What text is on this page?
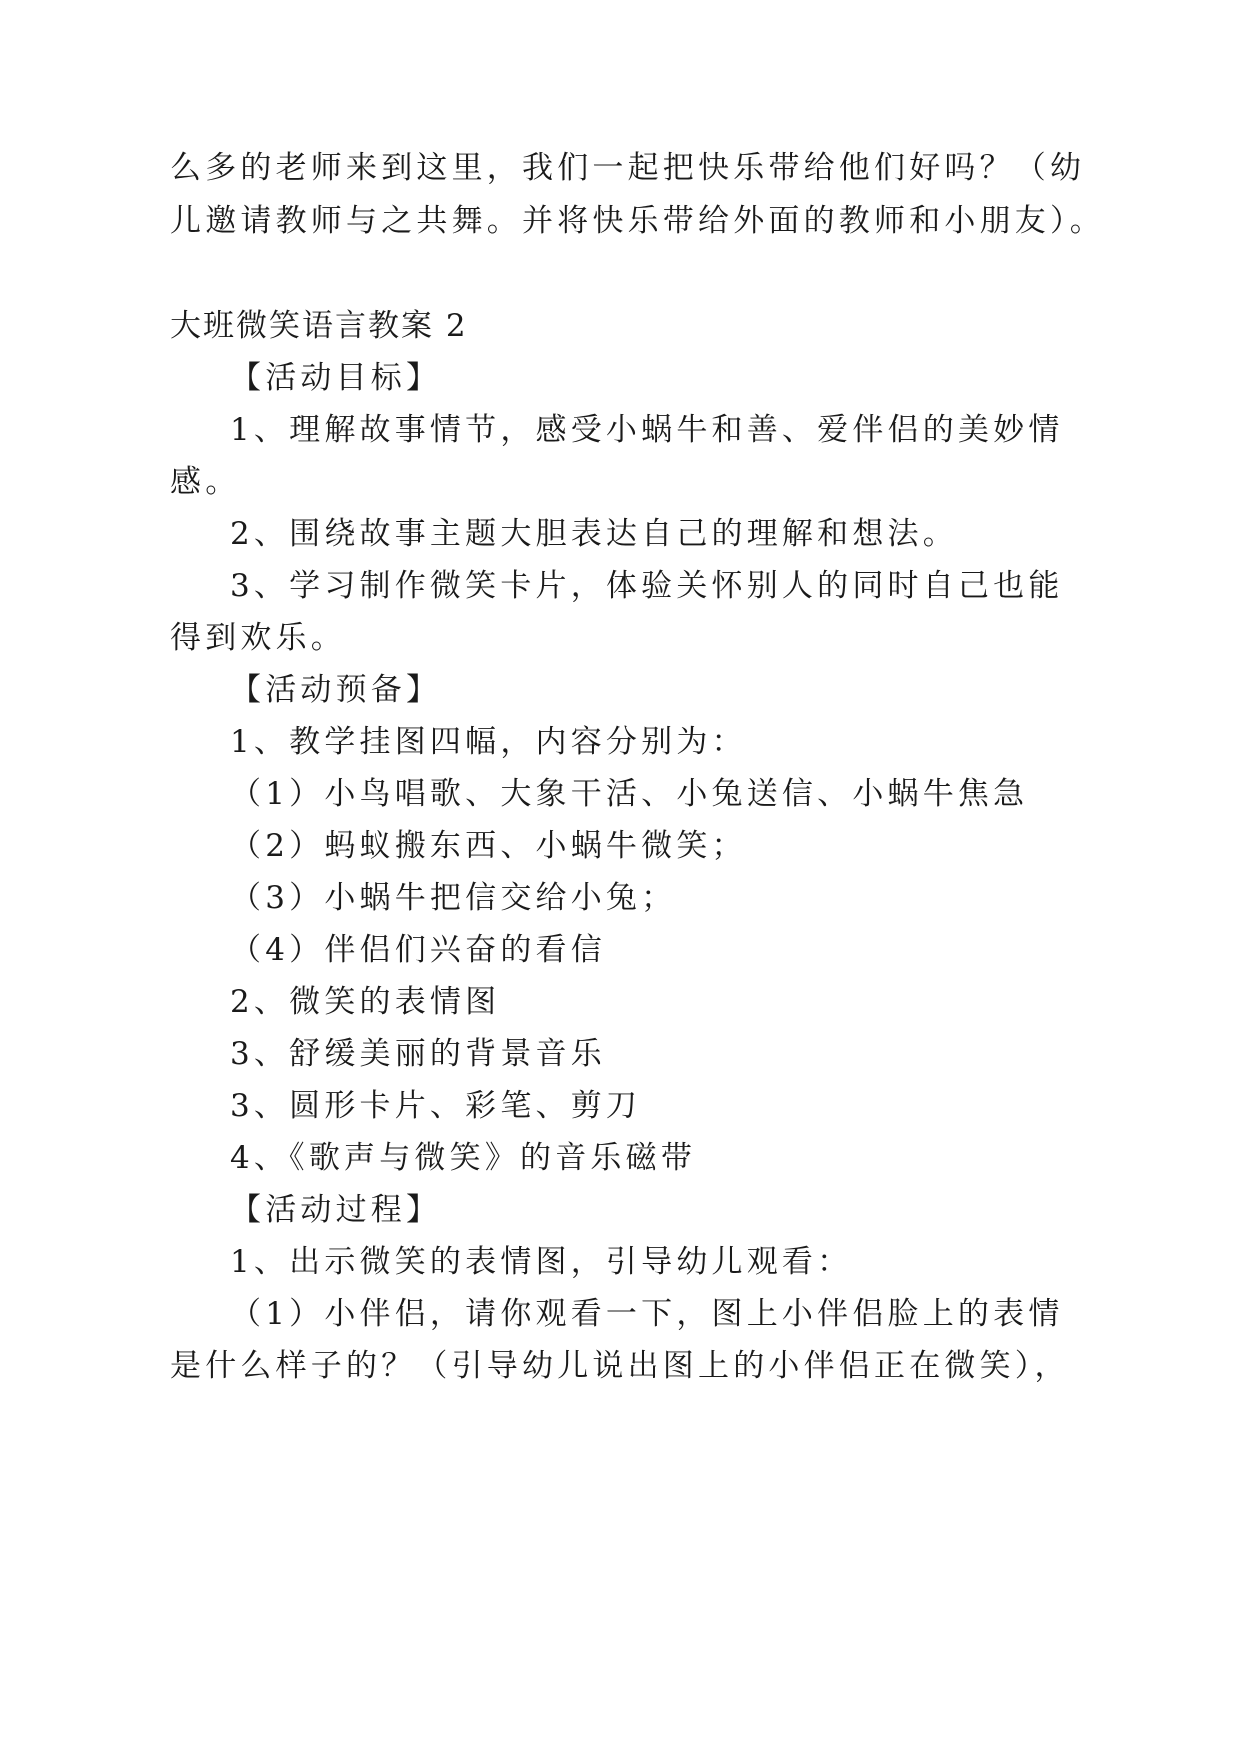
么多的老师来到这里，我们一起把快乐带给他们好吗？（幼
儿邀请教师与之共舞。并将快乐带给外面的教师和小朋友）。
大班微笑语言教案 2
【活动目标】
1、理解故事情节，感受小蜗牛和善、爱伴侣的美妙情
感。
2、围绕故事主题大胆表达自己的理解和想法。
3、学习制作微笑卡片，体验关怀别人的同时自己也能
得到欢乐。
【活动预备】
1、教学挂图四幅，内容分别为：
（1）小鸟唱歌、大象干活、小兔送信、小蜗牛焦急
（2）蚂蚁搬东西、小蜗牛微笑；
（3）小蜗牛把信交给小兔；
（4）伴侣们兴奋的看信
2、微笑的表情图
3、舒缓美丽的背景音乐
3、圆形卡片、彩笔、剪刀
4、《歌声与微笑》的音乐磁带
【活动过程】
1、出示微笑的表情图，引导幼儿观看：
（1）小伴侣，请你观看一下，图上小伴侣脸上的表情
是什么样子的？（引导幼儿说出图上的小伴侣正在微笑），
